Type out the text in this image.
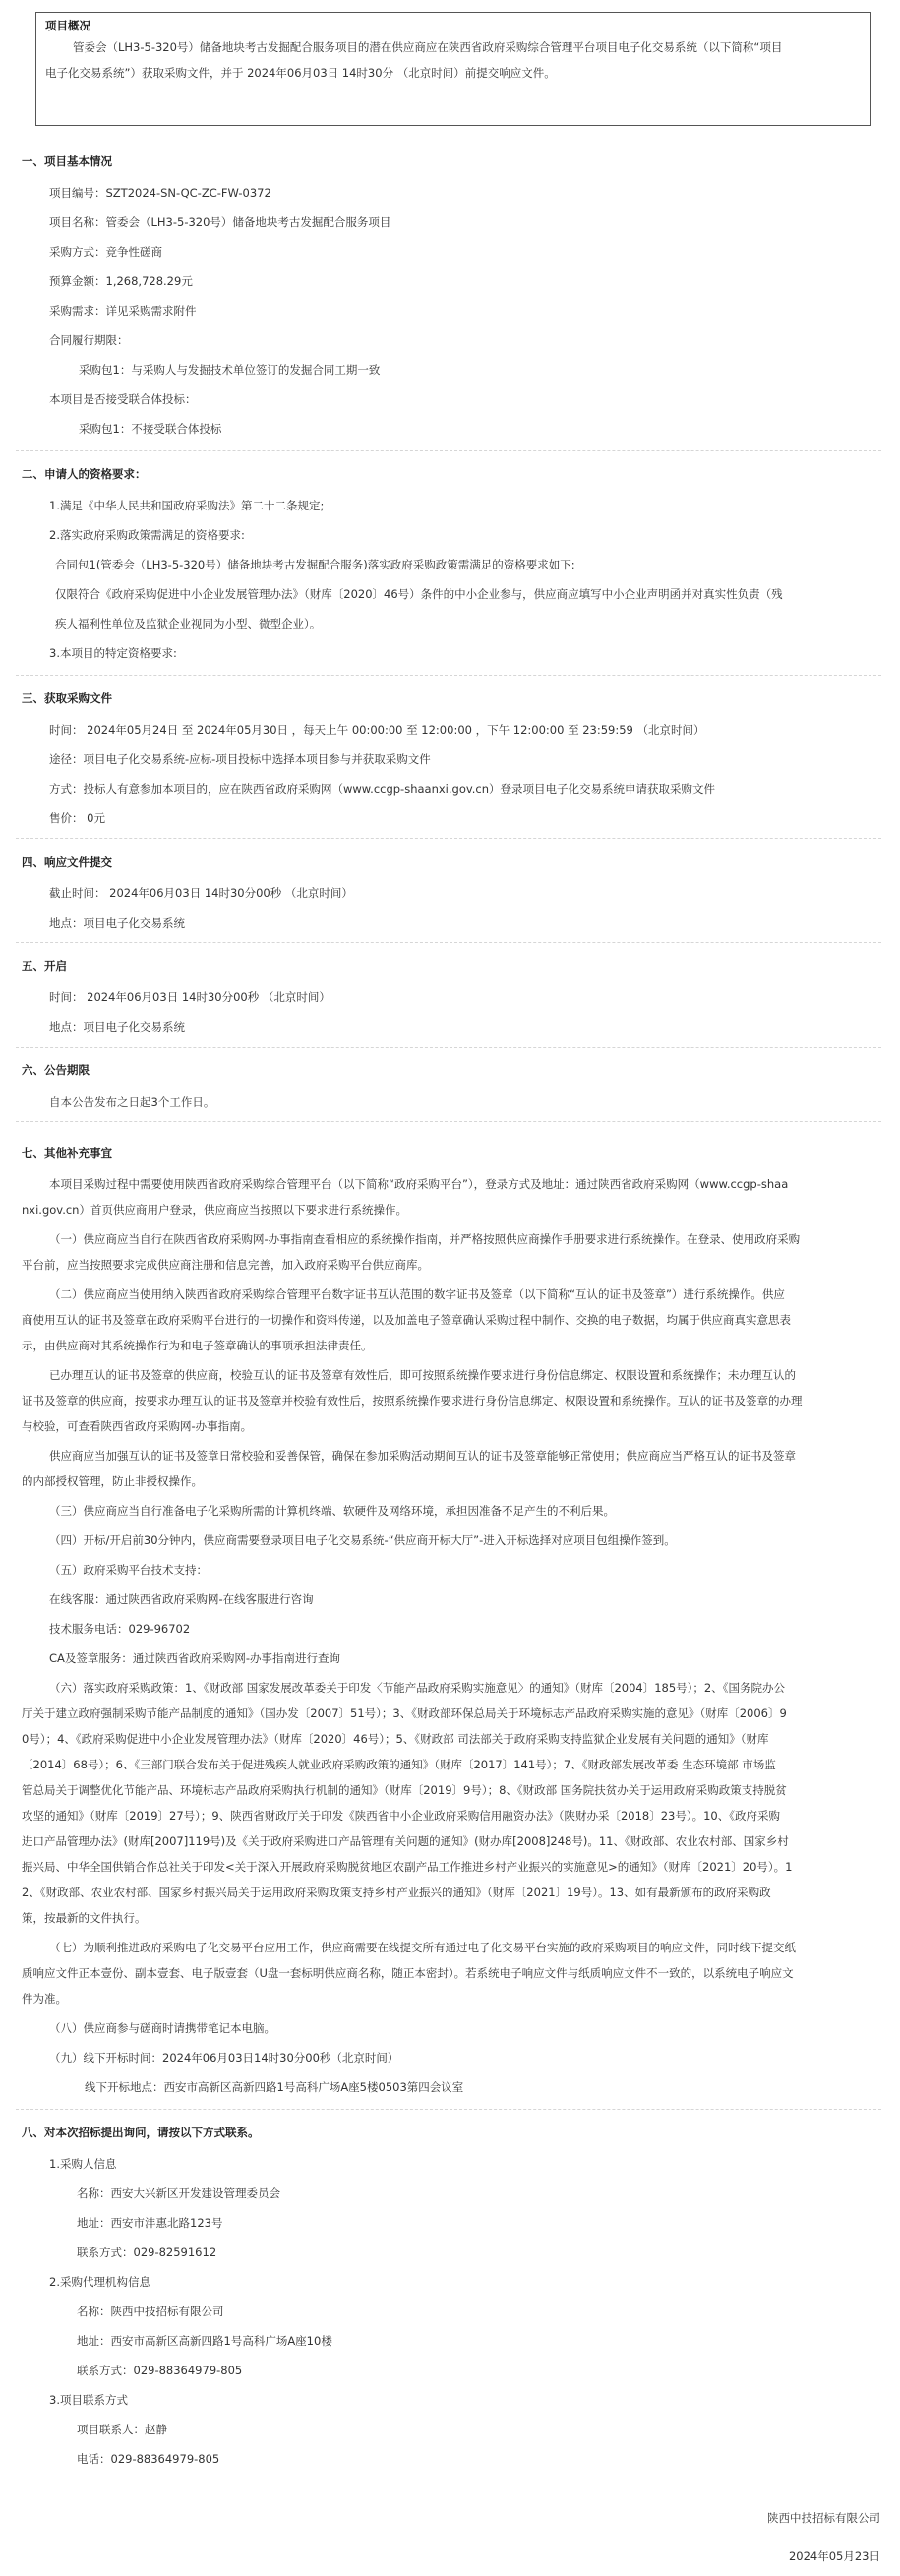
项目概况
管委会（LH3-5-320号）储备地块考古发掘配合服务项目的潜在供应商应在陕西省政府采购综合管理平台项目电子化交易系统（以下简称“项目
电子化交易系统”）获取采购文件，并于 2024年06月03日 14时30分 （北京时间）前提交响应文件。
一、项目基本情况
项目编号：SZT2024-SN-QC-ZC-FW-0372
项目名称：管委会（LH3-5-320号）储备地块考古发掘配合服务项目
采购方式：竞争性磋商
预算金额：1,268,728.29元
采购需求：详见采购需求附件
合同履行期限：
采购包1：与采购人与发掘技术单位签订的发掘合同工期一致
本项目是否接受联合体投标：
采购包1：不接受联合体投标
二、申请人的资格要求：
1.满足《中华人民共和国政府采购法》第二十二条规定;
2.落实政府采购政策需满足的资格要求:
合同包1(管委会（LH3-5-320号）储备地块考古发掘配合服务)落实政府采购政策需满足的资格要求如下:
仅限符合《政府采购促进中小企业发展管理办法》（财库〔2020〕46号）条件的中小企业参与，供应商应填写中小企业声明函并对真实性负责（残
疾人福利性单位及监狱企业视同为小型、微型企业）。
3.本项目的特定资格要求:
三、获取采购文件
时间： 2024年05月24日 至 2024年05月30日 ，每天上午 00:00:00 至 12:00:00 ，下午 12:00:00 至 23:59:59 （北京时间）
途径：项目电子化交易系统-应标-项目投标中选择本项目参与并获取采购文件
方式：投标人有意参加本项目的，应在陕西省政府采购网（www.ccgp-shaanxi.gov.cn）登录项目电子化交易系统申请获取采购文件
售价： 0元
四、响应文件提交
截止时间： 2024年06月03日 14时30分00秒 （北京时间）
地点：项目电子化交易系统
五、开启
时间： 2024年06月03日 14时30分00秒 （北京时间）
地点：项目电子化交易系统
六、公告期限
自本公告发布之日起3个工作日。
七、其他补充事宜
本项目采购过程中需要使用陕西省政府采购综合管理平台（以下简称“政府采购平台”），登录方式及地址：通过陕西省政府采购网（www.ccgp-shaa
nxi.gov.cn）首页供应商用户登录，供应商应当按照以下要求进行系统操作。
（一）供应商应当自行在陕西省政府采购网-办事指南查看相应的系统操作指南，并严格按照供应商操作手册要求进行系统操作。在登录、使用政府采购
平台前，应当按照要求完成供应商注册和信息完善，加入政府采购平台供应商库。
（二）供应商应当使用纳入陕西省政府采购综合管理平台数字证书互认范围的数字证书及签章（以下简称“互认的证书及签章”）进行系统操作。供应
商使用互认的证书及签章在政府采购平台进行的一切操作和资料传递，以及加盖电子签章确认采购过程中制作、交换的电子数据，均属于供应商真实意思表
示，由供应商对其系统操作行为和电子签章确认的事项承担法律责任。
已办理互认的证书及签章的供应商，校验互认的证书及签章有效性后，即可按照系统操作要求进行身份信息绑定、权限设置和系统操作；未办理互认的
证书及签章的供应商，按要求办理互认的证书及签章并校验有效性后，按照系统操作要求进行身份信息绑定、权限设置和系统操作。互认的证书及签章的办理
与校验，可查看陕西省政府采购网-办事指南。
供应商应当加强互认的证书及签章日常校验和妥善保管，确保在参加采购活动期间互认的证书及签章能够正常使用；供应商应当严格互认的证书及签章
的内部授权管理，防止非授权操作。
（三）供应商应当自行准备电子化采购所需的计算机终端、软硬件及网络环境，承担因准备不足产生的不利后果。
（四）开标/开启前30分钟内，供应商需要登录项目电子化交易系统-“供应商开标大厅”-进入开标选择对应项目包组操作签到。
（五）政府采购平台技术支持：
在线客服：通过陕西省政府采购网-在线客服进行咨询
技术服务电话：029-96702
CA及签章服务：通过陕西省政府采购网-办事指南进行查询
（六）落实政府采购政策：1、《财政部 国家发展改革委关于印发〈节能产品政府采购实施意见〉的通知》（财库〔2004〕185号）；2、《国务院办公
厅关于建立政府强制采购节能产品制度的通知》（国办发〔2007〕51号）；3、《财政部环保总局关于环境标志产品政府采购实施的意见》（财库〔2006〕9
0号）；4、《政府采购促进中小企业发展管理办法》（财库〔2020〕46号）；5、《财政部 司法部关于政府采购支持监狱企业发展有关问题的通知》（财库
〔2014〕68号）；6、《三部门联合发布关于促进残疾人就业政府采购政策的通知》（财库〔2017〕141号）；7、《财政部发展改革委 生态环境部 市场监
管总局关于调整优化节能产品、环境标志产品政府采购执行机制的通知》（财库〔2019〕9号）；8、《财政部 国务院扶贫办关于运用政府采购政策支持脱贫
攻坚的通知》（财库〔2019〕27号）；9、陕西省财政厅关于印发《陕西省中小企业政府采购信用融资办法》（陕财办采〔2018〕23号）。10、《政府采购
进口产品管理办法》(财库[2007]119号)及《关于政府采购进口产品管理有关问题的通知》(财办库[2008]248号)。11、《财政部、农业农村部、国家乡村
振兴局、中华全国供销合作总社关于印发<关于深入开展政府采购脱贫地区农副产品工作推进乡村产业振兴的实施意见>的通知》（财库〔2021〕20号）。1
2、《财政部、农业农村部、国家乡村振兴局关于运用政府采购政策支持乡村产业振兴的通知》（财库〔2021〕19号）。13、如有最新颁布的政府采购政
策，按最新的文件执行。
（七）为顺利推进政府采购电子化交易平台应用工作，供应商需要在线提交所有通过电子化交易平台实施的政府采购项目的响应文件，同时线下提交纸
质响应文件正本壹份、副本壹套、电子版壹套（U盘一套标明供应商名称，随正本密封）。若系统电子响应文件与纸质响应文件不一致的，以系统电子响应文
件为准。
（八）供应商参与磋商时请携带笔记本电脑。
（九）线下开标时间：2024年06月03日14时30分00秒（北京时间）
线下开标地点：西安市高新区高新四路1号高科广场A座5楼0503第四会议室
八、对本次招标提出询问，请按以下方式联系。
1.采购人信息
名称：西安大兴新区开发建设管理委员会
地址：西安市沣惠北路123号
联系方式：029-82591612
2.采购代理机构信息
名称：陕西中技招标有限公司
地址：西安市高新区高新四路1号高科广场A座10楼
联系方式：029-88364979-805
3.项目联系方式
项目联系人：赵静
电话：029-88364979-805
陕西中技招标有限公司
2024年05月23日
